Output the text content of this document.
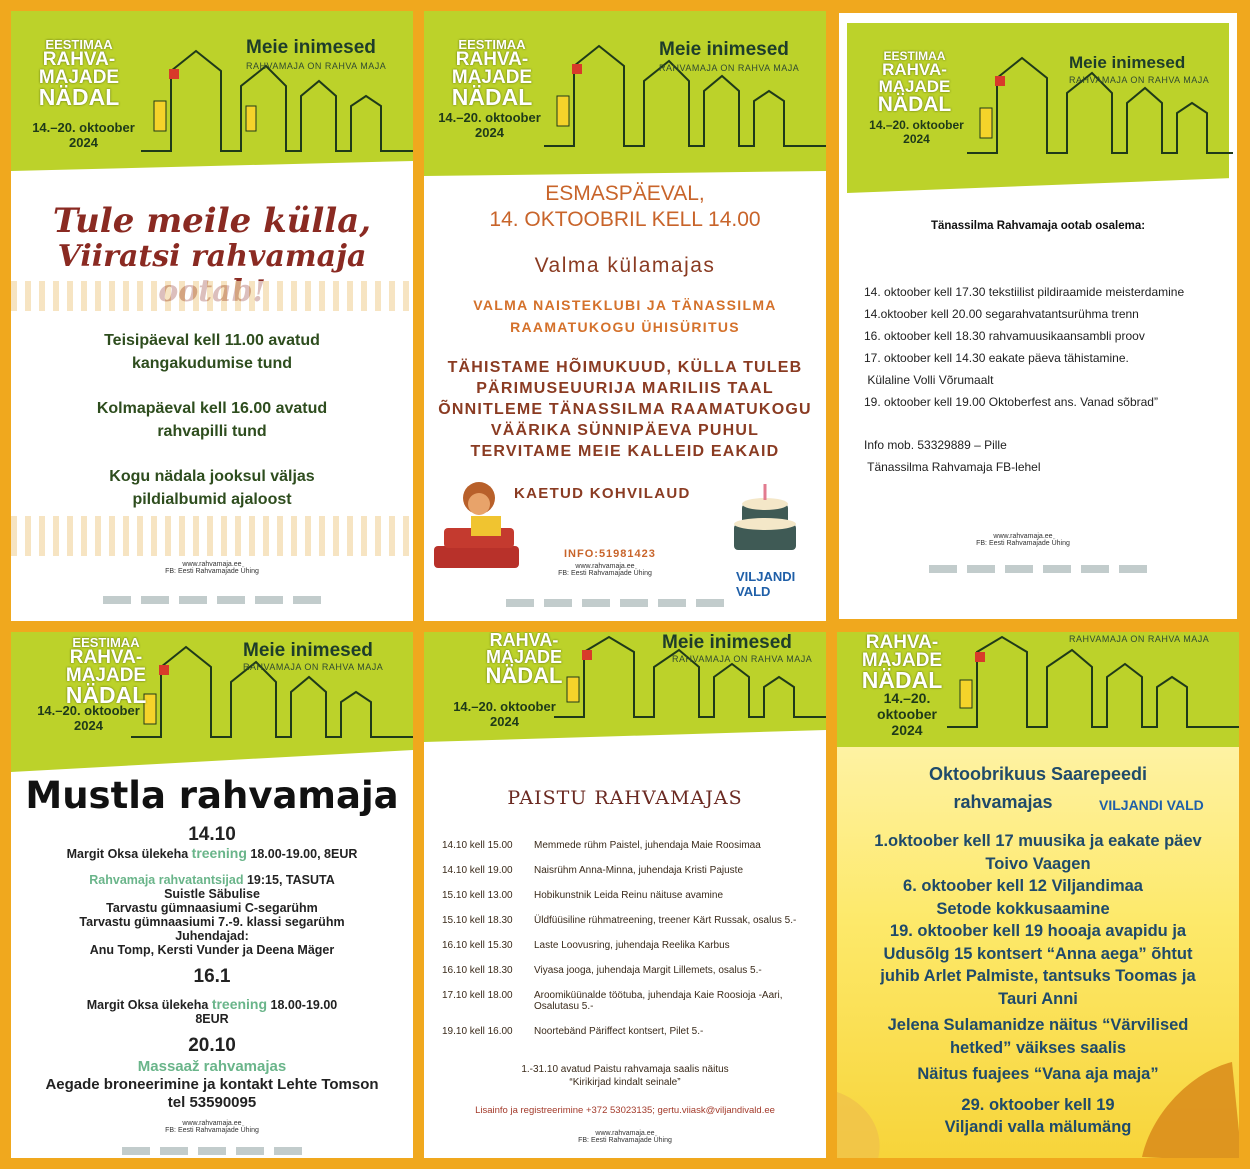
EESTIMAA
RAHVA-
MAJADE
NÄDAL
14.–20. oktoober
2024
Meie inimesed
RAHVAMAJA ON RAHVA MAJA
Tule meile külla,
Viiratsi rahvamaja
Teisipäeval kell 11.00 avatud
kangakudumise tund
Kolmapäeval kell 16.00 avatud
rahvapilli tund
Kogu nädala jooksul väljas
pildialbumid ajaloost
www.rahvamaja.ee
FB: Eesti Rahvamajade Ühing
EESTIMAA
RAHVA-
MAJADE
NÄDAL
14.–20. oktoober
2024
Meie inimesed
RAHVAMAJA ON RAHVA MAJA
ESMASPÄEVAL,
14. OKTOOBRIL KELL 14.00
Valma külamajas
VALMA NAISTEKLUBI JA TÄNASSILMA
RAAMATUKOGU ÜHISÜRITUS
TÄHISTAME HÕIMUKUUD, KÜLLA TULEB
PÄRIMUSEUURIJA MARILIIS TAAL
ÕNNITLEME TÄNASSILMA RAAMATUKOGU
VÄÄRIKA SÜNNIPÄEVA PUHUL
TERVITAME MEIE KALLEID EAKAID
KAETUD KOHVILAUD
INFO:51981423
www.rahvamaja.ee
FB: Eesti Rahvamajade Ühing	VILJANDI VALD
EESTIMAA
RAHVA-
MAJADE
NÄDAL
14.–20. oktoober
2024
Meie inimesed
RAHVAMAJA ON RAHVA MAJA
Tänassilma Rahvamaja ootab osalema:
14. oktoober kell 17.30 tekstiilist pildiraamide meisterdamine
14.oktoober kell 20.00 segarahvatantsurühma trenn
16. oktoober kell 18.30 rahvamuusikaansambli proov
17. oktoober kell 14.30 eakate päeva tähistamine.
Külaline Volli Võrumaalt
19. oktoober kell 19.00 Oktoberfest ans. Vanad sõbrad”
Info mob. 53329889 – Pille
Tänassilma Rahvamaja FB-lehel
www.rahvamaja.ee
FB: Eesti Rahvamajade Ühing
EESTIMAA
RAHVA-
MAJADE
NÄDAL
14.–20. oktoober
2024
Meie inimesed
RAHVAMAJA ON RAHVA MAJA
Mustla rahvamaja
14.10
Margit Oksa ülekeha treening 18.00-19.00, 8EUR
Rahvamaja rahvatantsijad 19:15, TASUTA
Suistle Säbulise
Tarvastu gümnaasiumi C-segarühm
Tarvastu gümnaasiumi 7.-9. klassi segarühm
Juhendajad:
Anu Tomp, Kersti Vunder ja Deena Mäger
16.1
Margit Oksa ülekeha treening 18.00-19.00
8EUR
20.10
Massaaž rahvamajas
Aegade broneerimine ja kontakt Lehte Tomson
tel 53590095
www.rahvamaja.ee
FB: Eesti Rahvamajade Ühing
RAHVA-
MAJADE
NÄDAL
14.–20. oktoober
2024
Meie inimesed
RAHVAMAJA ON RAHVA MAJA
PAISTU RAHVAMAJAS
14.10 kell 15.00	Memmede rühm Paistel, juhendaja Maie Roosimaa
14.10 kell 19.00	Naisrühm Anna-Minna, juhendaja Kristi Pajuste
15.10 kell 13.00	Hobikunstnik Leida Reinu näituse avamine
15.10 kell 18.30	Üldfüüsiline rühmatreening, treener Kärt Russak, osalus 5.-
16.10 kell 15.30	Laste Loovusring, juhendaja Reelika Karbus
16.10 kell 18.30	Viyasa jooga, juhendaja Margit Lillemets, osalus 5.-
17.10 kell 18.00	Aroomiküünalde töötuba, juhendaja Kaie Roosioja -Aari, Osalutasu 5.-
19.10 kell 16.00	Noortebänd Päriffect kontsert, Pilet 5.-
1.-31.10 avatud Paistu rahvamaja saalis näitus
“Kirikirjad kindalt seinale”
Lisainfo ja registreerimine +372 53023135; gertu.viiask@viljandivald.ee
www.rahvamaja.ee
FB: Eesti Rahvamajade Ühing
RAHVA-
MAJADE
NÄDAL
14.–20.
oktoober
2024
RAHVAMAJA ON RAHVA MAJA
Oktoobrikuus Saarepeedi
rahvamajas	VILJANDI VALD
1.oktoober kell 17 muusika ja eakate päev
Toivo Vaagen
6. oktoober kell 12 Viljandimaa
Setode kokkusaamine
19. oktoober kell 19 hooaja avapidu ja
Udusõlg 15 kontsert “Anna aega” õhtut
juhib Arlet Palmiste, tantsuks Toomas ja
Tauri Anni
Jelena Sulamanidze näitus “Värvilised
hetked” väikses saalis
Näitus fuajees “Vana aja maja”
29. oktoober kell 19
Viljandi valla mälumäng
